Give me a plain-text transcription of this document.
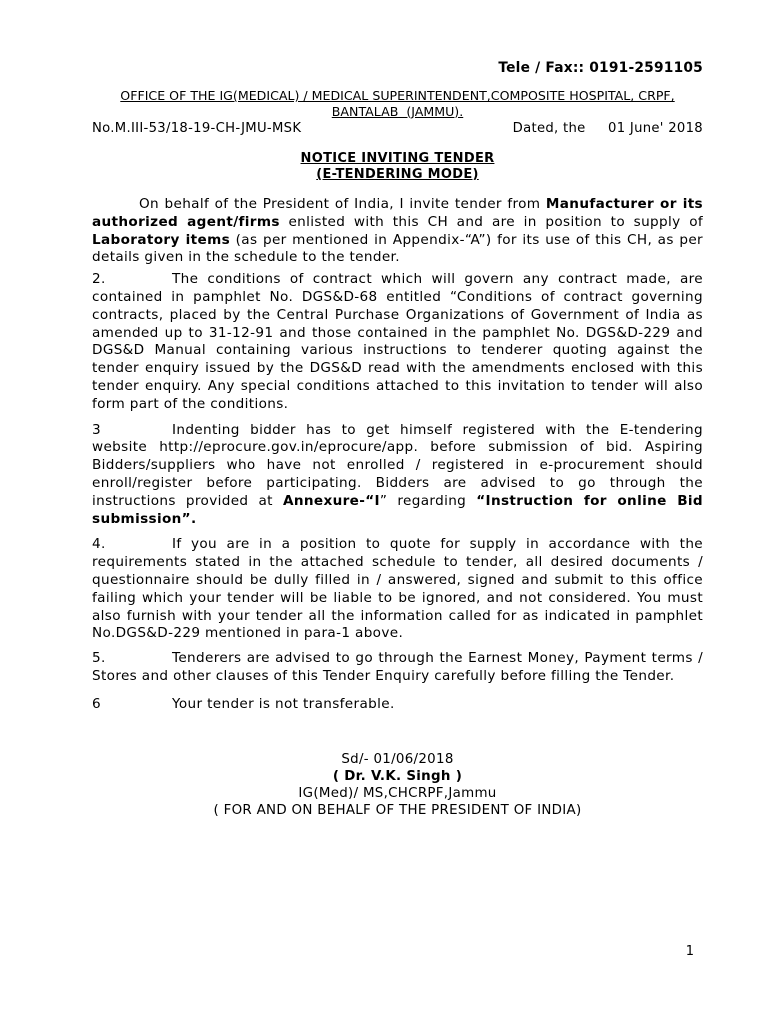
Tele / Fax:: 0191-2591105
OFFICE OF THE IG(MEDICAL) / MEDICAL SUPERINTENDENT,COMPOSITE HOSPITAL, CRPF,
BANTALAB  (JAMMU).
No.M.III-53/18-19-CH-JMU-MSK	Dated, the     01 June' 2018
NOTICE INVITING TENDER
(E-TENDERING MODE)

On behalf of the President of India, I invite tender from Manufacturer or its authorized agent/firms enlisted with this CH and are in position to supply of Laboratory items (as per mentioned in Appendix-“A”) for its use of this CH, as per details given in the schedule to the tender.

2.	The conditions of contract which will govern any contract made, are contained in pamphlet No. DGS&D-68 entitled “Conditions of contract governing contracts, placed by the Central Purchase Organizations of Government of India as amended up to 31-12-91 and those contained in the pamphlet No. DGS&D-229 and DGS&D Manual containing various instructions to tenderer quoting against the tender enquiry issued by the DGS&D read with the amendments enclosed with this tender enquiry. Any special conditions attached to this invitation to tender will also form part of the conditions.

3	Indenting bidder has to get himself registered with the E-tendering website http://eprocure.gov.in/eprocure/app. before submission of bid. Aspiring Bidders/suppliers who have not enrolled / registered in e-procurement should enroll/register before participating. Bidders are advised to go through the instructions provided at Annexure-“I” regarding “Instruction for online Bid submission”.

4.	If you are in a position to quote for supply in accordance with the requirements stated in the attached schedule to tender, all desired documents / questionnaire should be dully filled in / answered, signed and submit to this office failing which your tender will be liable to be ignored, and not considered. You must also furnish with your tender all the information called for as indicated in pamphlet No.DGS&D-229 mentioned in para-1 above.

5.	Tenderers are advised to go through the Earnest Money, Payment terms / Stores and other clauses of this Tender Enquiry carefully before filling the Tender.

6	Your tender is not transferable.

Sd/- 01/06/2018
( Dr. V.K. Singh )
IG(Med)/ MS,CHCRPF,Jammu
( FOR AND ON BEHALF OF THE PRESIDENT OF INDIA)
1
